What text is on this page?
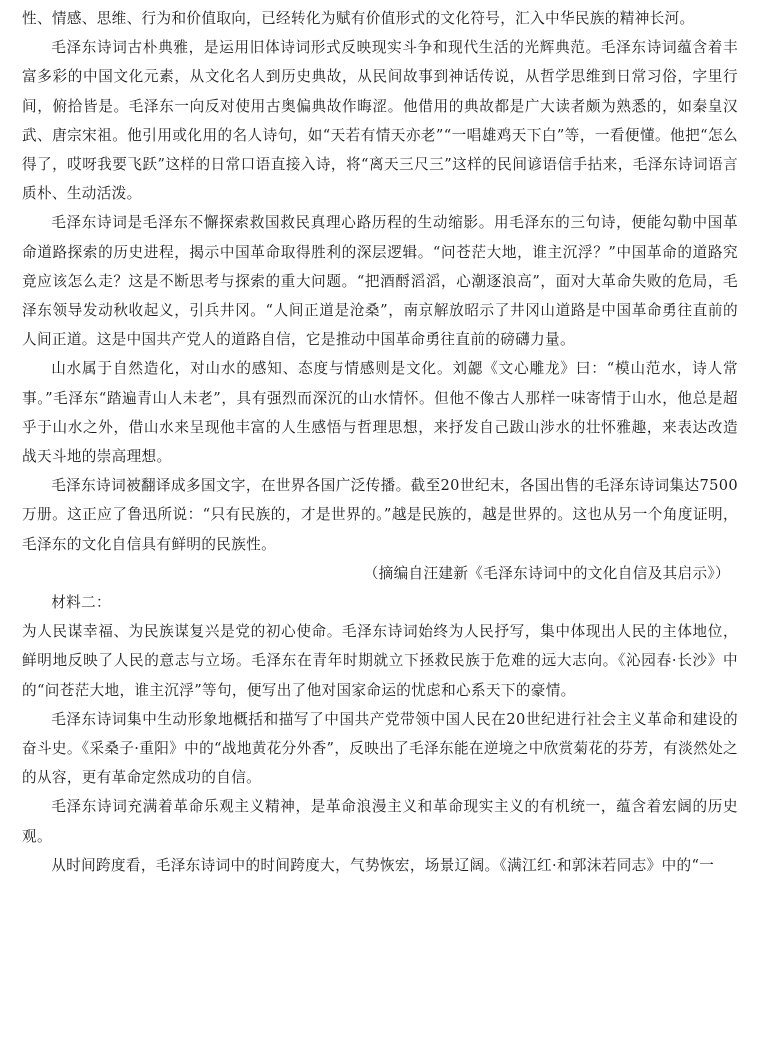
性、情感、思维、行为和价值取向，已经转化为赋有价值形式的文化符号，汇入中华民族的精神长河。

毛泽东诗词古朴典雅，是运用旧体诗词形式反映现实斗争和现代生活的光辉典范。毛泽东诗词蕴含着丰富多彩的中国文化元素，从文化名人到历史典故，从民间故事到神话传说，从哲学思维到日常习俗，字里行间，俯拾皆是。毛泽东一向反对使用古奥偏典故作晦涩。他借用的典故都是广大读者颇为熟悉的，如秦皇汉武、唐宗宋祖。他引用或化用的名人诗句，如“天若有情天亦老”“一唱雄鸡天下白”等，一看便懂。他把“怎么得了，哎呀我要飞跃”这样的日常口语直接入诗，将“离天三尺三”这样的民间谚语信手拈来，毛泽东诗词语言质朴、生动活泼。

毛泽东诗词是毛泽东不懈探索救国救民真理心路历程的生动缩影。用毛泽东的三句诗，便能勾勒中国革命道路探索的历史进程，揭示中国革命取得胜利的深层逻辑。“问苍茫大地，谁主沉浮？”中国革命的道路究竟应该怎么走？这是不断思考与探索的重大问题。“把酒酹滔滔，心潮逐浪高”，面对大革命失败的危局，毛泽东领导发动秋收起义，引兵井冈。“人间正道是沧桑”，南京解放昭示了井冈山道路是中国革命勇往直前的人间正道。这是中国共产党人的道路自信，它是推动中国革命勇往直前的磅礴力量。

山水属于自然造化，对山水的感知、态度与情感则是文化。刘勰《文心雕龙》曰：“模山范水，诗人常事。”毛泽东“踏遍青山人未老”，具有强烈而深沉的山水情怀。但他不像古人那样一味寄情于山水，他总是超乎于山水之外，借山水来呈现他丰富的人生感悟与哲理思想，来抒发自己跋山涉水的壮怀雅趣，来表达改造战天斗地的崇高理想。

毛泽东诗词被翻译成多国文字，在世界各国广泛传播。截至20世纪末，各国出售的毛泽东诗词集达7500万册。这正应了鲁迅所说：“只有民族的，才是世界的。”越是民族的，越是世界的。这也从另一个角度证明，毛泽东的文化自信具有鲜明的民族性。

（摘编自汪建新《毛泽东诗词中的文化自信及其启示》）

材料二：

为人民谋幸福、为民族谋复兴是党的初心使命。毛泽东诗词始终为人民抒写，集中体现出人民的主体地位，鲜明地反映了人民的意志与立场。毛泽东在青年时期就立下拯救民族于危难的远大志向。《沁园春·长沙》中的“问苍茫大地，谁主沉浮”等句，便写出了他对国家命运的忧虑和心系天下的豪情。

毛泽东诗词集中生动形象地概括和描写了中国共产党带领中国人民在20世纪进行社会主义革命和建设的奋斗史。《采桑子·重阳》中的“战地黄花分外香”，反映出了毛泽东能在逆境之中欣赏菊花的芬芳，有淡然处之的从容，更有革命定然成功的自信。

毛泽东诗词充满着革命乐观主义精神，是革命浪漫主义和革命现实主义的有机统一，蕴含着宏阔的历史观。

从时间跨度看，毛泽东诗词中的时间跨度大，气势恢宏，场景辽阔。《满江红·和郭沫若同志》中的“一
